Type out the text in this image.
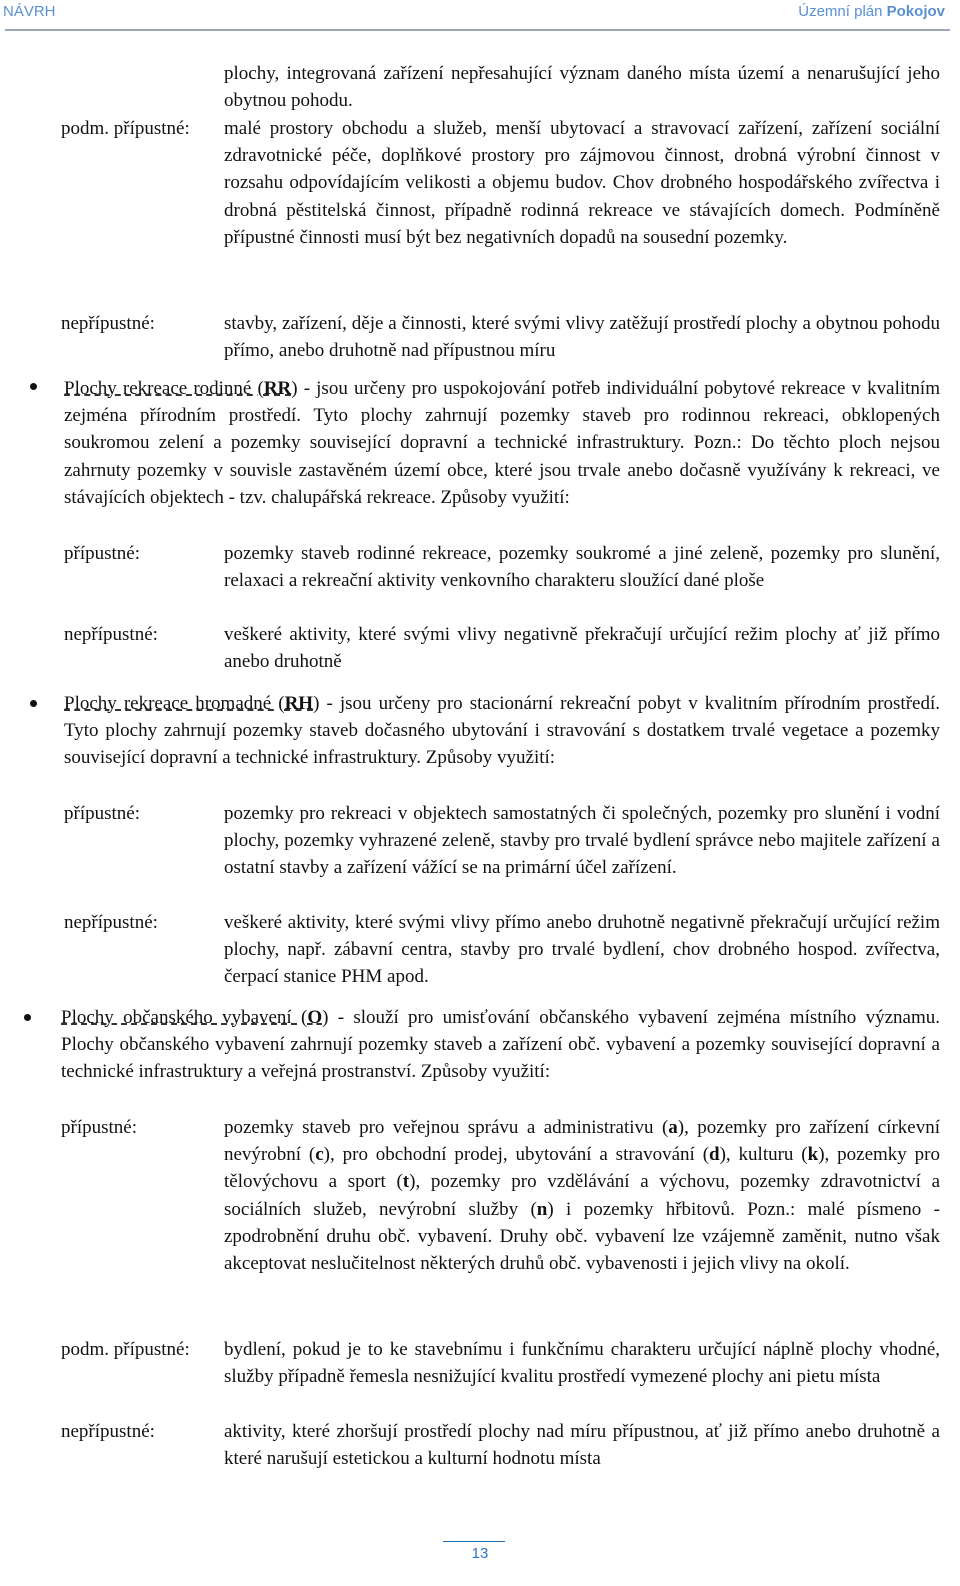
NÁVRH	Územní plán Pokojov
plochy, integrovaná zařízení nepřesahující význam daného místa území a nenarušující jeho obytnou pohodu.
podm. přípustné: malé prostory obchodu a služeb, menší ubytovací a stravovací zařízení, zařízení sociální zdravotnické péče, doplňkové prostory pro zájmovou činnost, drobná výrobní činnost v rozsahu odpovídajícím velikosti a objemu budov. Chov drobného hospodářského zvířectva i drobná pěstitelská činnost, případně rodinná rekreace ve stávajících domech. Podmíněně přípustné činnosti musí být bez negativních dopadů na sousední pozemky.
nepřípustné:	stavby, zařízení, děje a činnosti, které svými vlivy zatěžují prostředí plochy a obytnou pohodu přímo, anebo druhotně nad přípustnou míru
Plochy rekreace rodinné (RR) - jsou určeny pro uspokojování potřeb individuální pobytové rekreace v kvalitním zejména přírodním prostředí. Tyto plochy zahrnují pozemky staveb pro rodinnou rekreaci, obklopených soukromou zelení a pozemky související dopravní a technické infrastruktury. Pozn.: Do těchto ploch nejsou zahrnuty pozemky v souvisle zastavěném území obce, které jsou trvale anebo dočasně využívány k rekreaci, ve stávajících objektech - tzv. chalupářská rekreace. Způsoby využití:
přípustné:	pozemky staveb rodinné rekreace, pozemky soukromé a jiné zeleně, pozemky pro slunění, relaxaci a rekreační aktivity venkovního charakteru sloužící dané ploše
nepřípustné:	veškeré aktivity, které svými vlivy negativně překračují určující režim plochy ať již přímo anebo druhotně
Plochy rekreace hromadné (RH) - jsou určeny pro stacionární rekreační pobyt v kvalitním přírodním prostředí. Tyto plochy zahrnují pozemky staveb dočasného ubytování i stravování s dostatkem trvalé vegetace a pozemky související dopravní a technické infrastruktury. Způsoby využití:
přípustné:	pozemky pro rekreaci v objektech samostatných či společných, pozemky pro slunění i vodní plochy, pozemky vyhrazené zeleně, stavby pro trvalé bydlení správce nebo majitele zařízení a ostatní stavby a zařízení vážící se na primární účel zařízení.
nepřípustné:	veškeré aktivity, které svými vlivy přímo anebo druhotně negativně překračují určující režim plochy, např. zábavní centra, stavby pro trvalé bydlení, chov drobného hospod. zvířectva, čerpací stanice PHM apod.
Plochy občanského vybavení (O) - slouží pro umisťování občanského vybavení zejména místního významu. Plochy občanského vybavení zahrnují pozemky staveb a zařízení obč. vybavení a pozemky související dopravní a technické infrastruktury a veřejná prostranství. Způsoby využití:
přípustné:	pozemky staveb pro veřejnou správu a administrativu (a), pozemky pro zařízení církevní nevýrobní (c), pro obchodní prodej, ubytování a stravování (d), kulturu (k), pozemky pro tělovýchovu a sport (t), pozemky pro vzdělávání a výchovu, pozemky zdravotnictví a sociálních služeb, nevýrobní služby (n) i pozemky hřbitovů. Pozn.: malé písmeno - zpodrobnění druhu obč. vybavení. Druhy obč. vybavení lze vzájemně zaměnit, nutno však akceptovat neslučitelnost některých druhů obč. vybavenosti i jejich vlivy na okolí.
podm. přípustné: bydlení, pokud je to ke stavebnímu i funkčnímu charakteru určující náplně plochy vhodné, služby případně řemesla nesnižující kvalitu prostředí vymezené plochy ani pietu místa
nepřípustné:	aktivity, které zhoršují prostředí plochy nad míru přípustnou, ať již přímo anebo druhotně a které narušují estetickou a kulturní hodnotu místa
13
